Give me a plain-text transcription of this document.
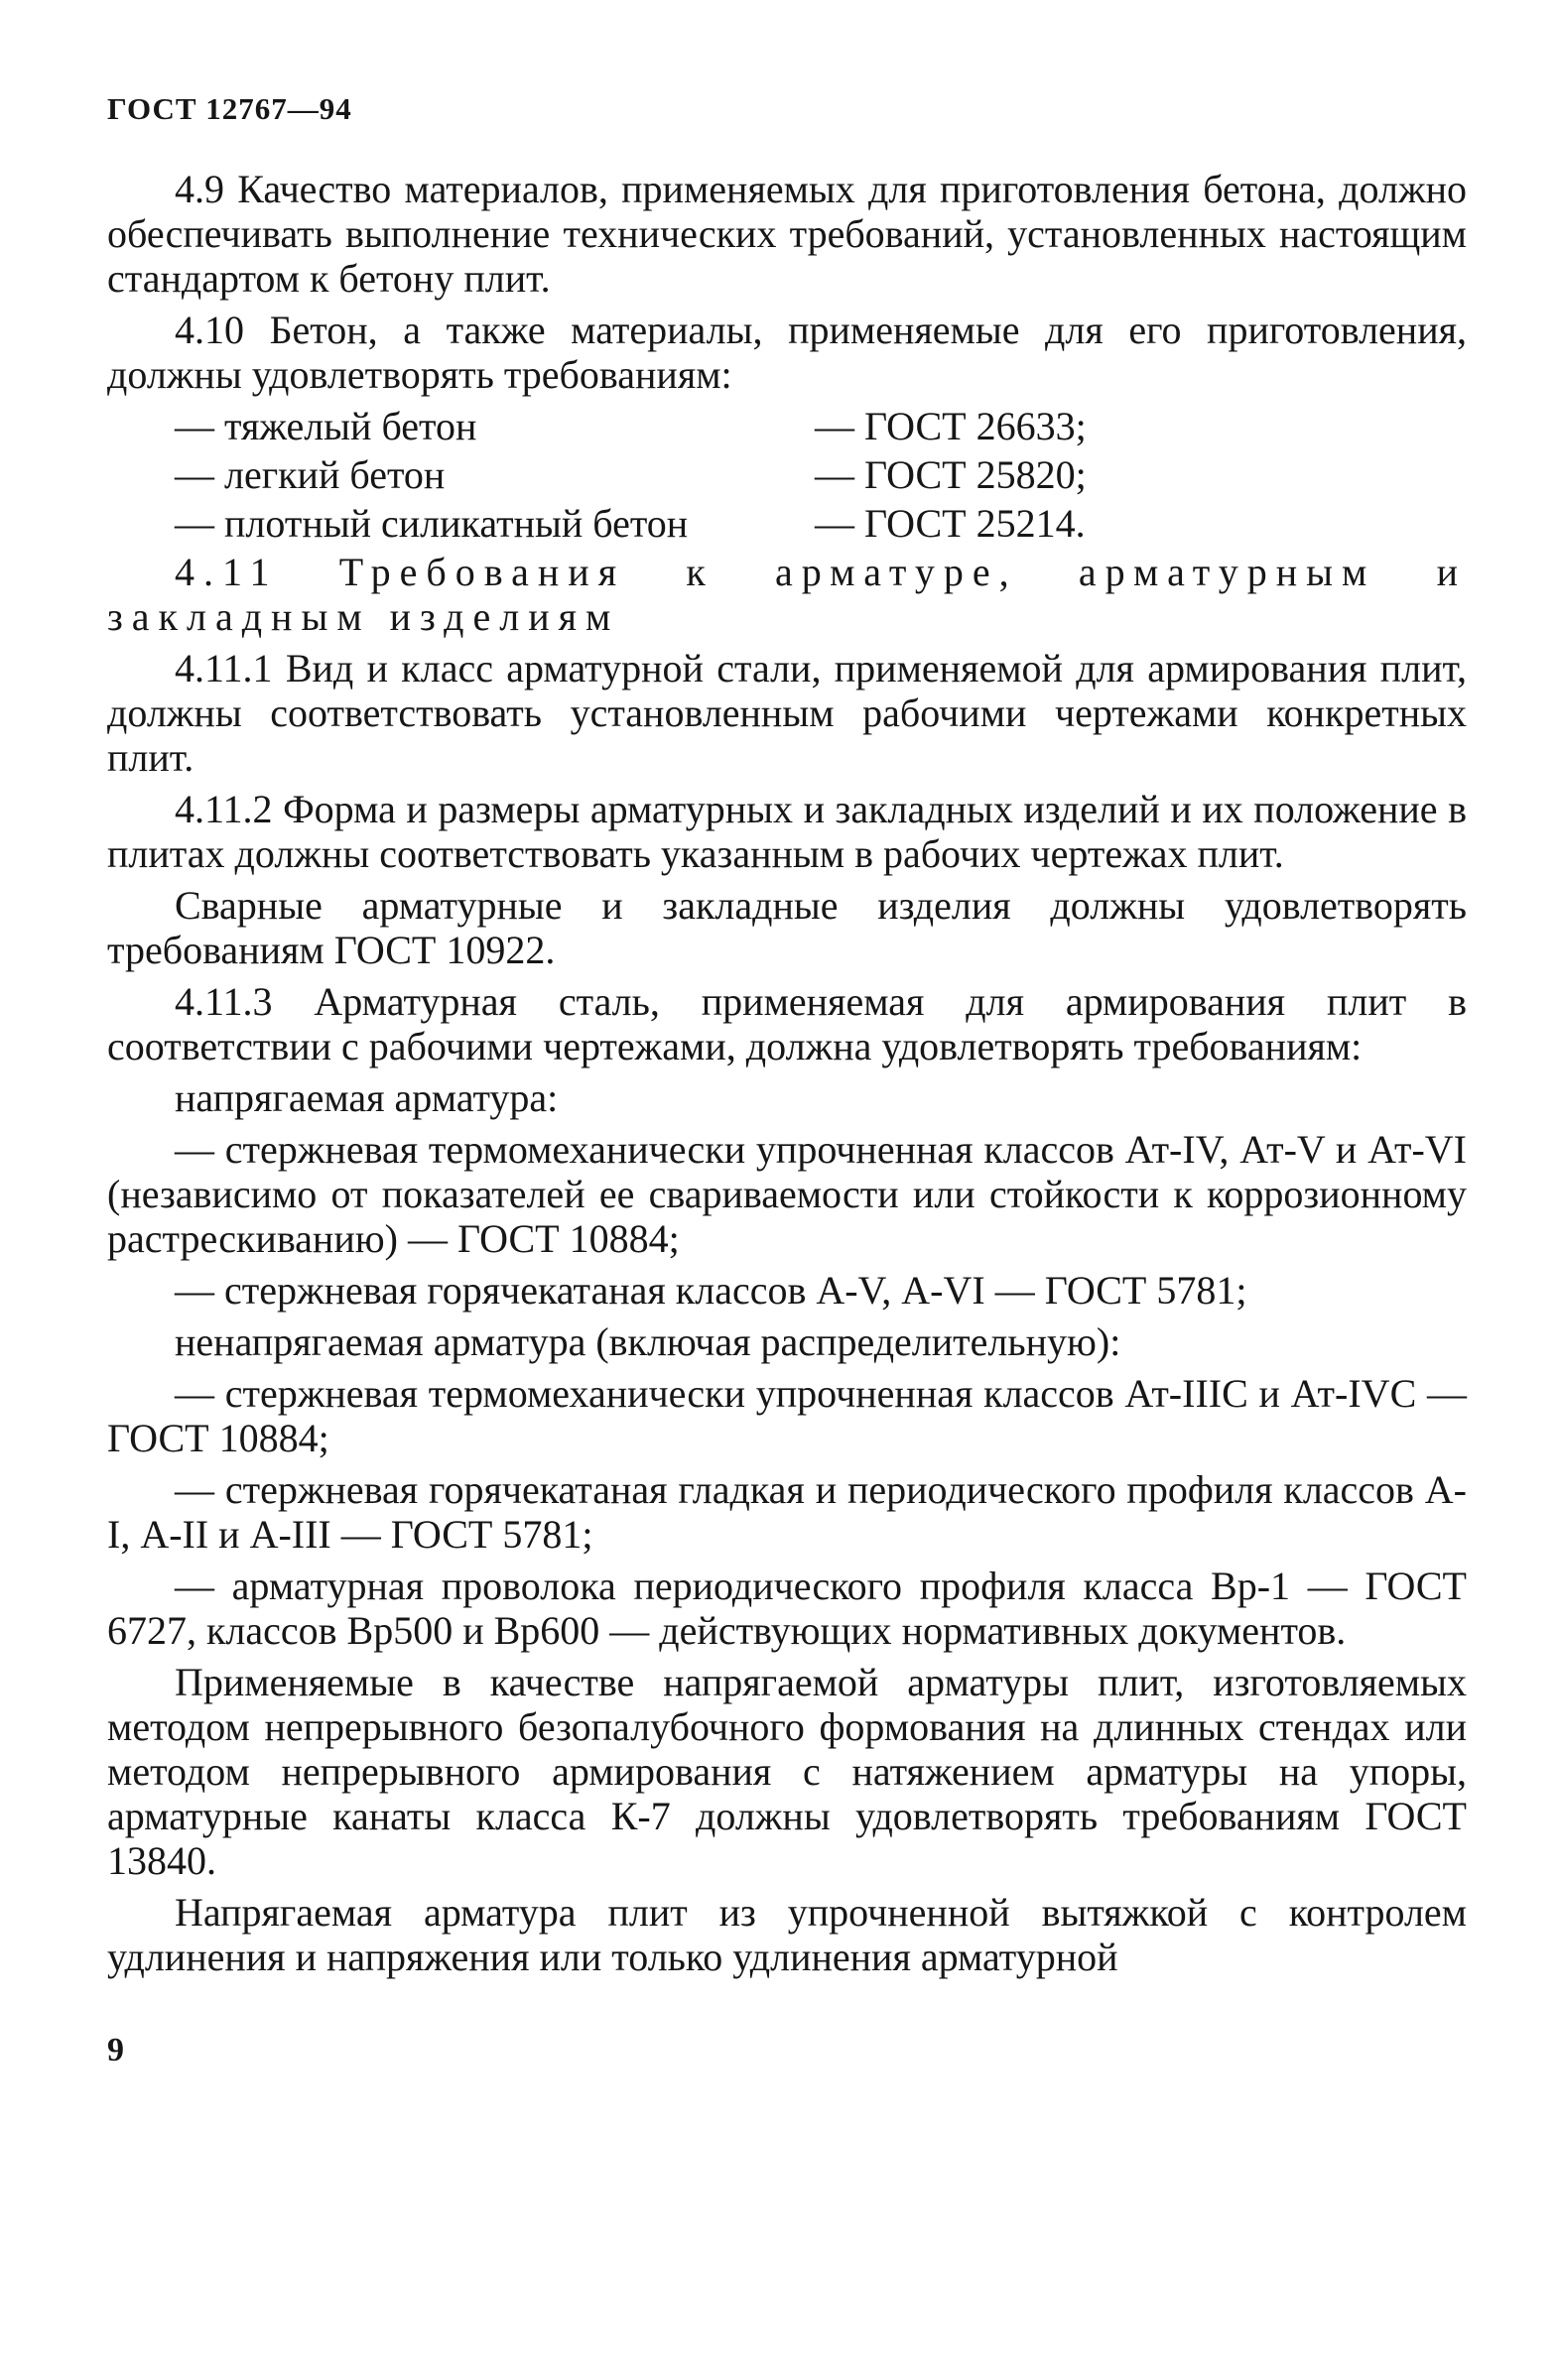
ГОСТ 12767—94

4.9 Качество материалов, применяемых для приготовления бетона, должно обеспечивать выполнение технических требований, установленных настоящим стандартом к бетону плит.

4.10 Бетон, а также материалы, применяемые для его приготовления, должны удовлетворять требованиям:

— тяжелый бетон	— ГОСТ 26633;
— легкий бетон	— ГОСТ 25820;
— плотный силикатный бетон	— ГОСТ 25214.

4.11 Требования к арматуре, арматурным и закладным изделиям

4.11.1 Вид и класс арматурной стали, применяемой для армирования плит, должны соответствовать установленным рабочими чертежами конкретных плит.

4.11.2 Форма и размеры арматурных и закладных изделий и их положение в плитах должны соответствовать указанным в рабочих чертежах плит.

Сварные арматурные и закладные изделия должны удовлетворять требованиям ГОСТ 10922.

4.11.3 Арматурная сталь, применяемая для армирования плит в соответствии с рабочими чертежами, должна удовлетворять требованиям:

напрягаемая арматура:

— стержневая термомеханически упрочненная классов Ат-IV, Ат-V и Ат-VI (независимо от показателей ее свариваемости или стойкости к коррозионному растрескиванию) — ГОСТ 10884;

— стержневая горячекатаная классов А-V, А-VI — ГОСТ 5781;

ненапрягаемая арматура (включая распределительную):

— стержневая термомеханически упрочненная классов Ат-IIIС и Ат-IVС — ГОСТ 10884;

— стержневая горячекатаная гладкая и периодического профиля классов А-I, А-II и А-III — ГОСТ 5781;

— арматурная проволока периодического профиля класса Вр-1 — ГОСТ 6727, классов Вр500 и Вр600 — действующих нормативных документов.

Применяемые в качестве напрягаемой арматуры плит, изготовляемых методом непрерывного безопалубочного формования на длинных стендах или методом непрерывного армирования с натяжением арматуры на упоры, арматурные канаты класса К-7 должны удовлетворять требованиям ГОСТ 13840.

Напрягаемая арматура плит из упрочненной вытяжкой с контролем удлинения и напряжения или только удлинения арматурной

9
